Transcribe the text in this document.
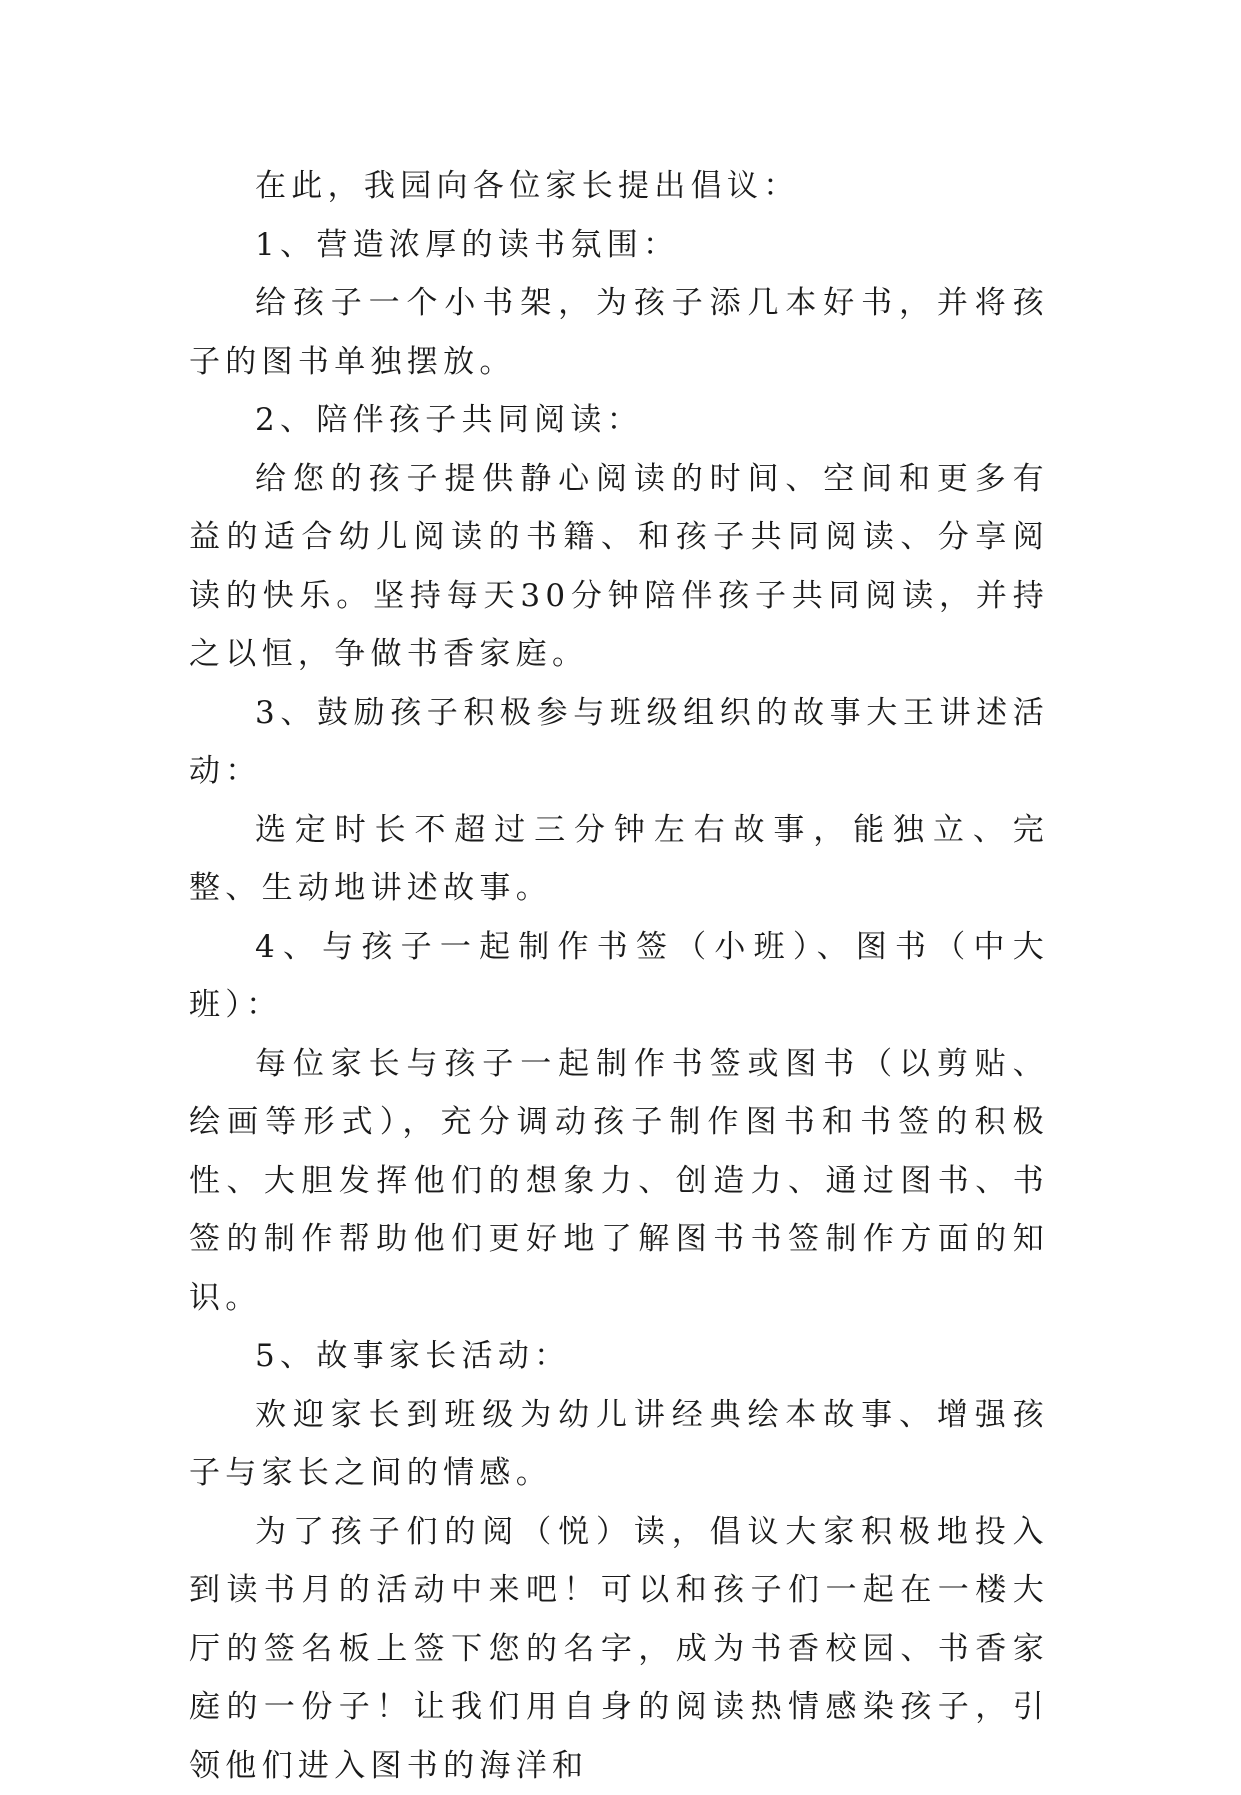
在此，我园向各位家长提出倡议：

1、营造浓厚的读书氛围：

给孩子一个小书架，为孩子添几本好书，并将孩子的图书单独摆放。

2、陪伴孩子共同阅读：

给您的孩子提供静心阅读的时间、空间和更多有益的适合幼儿阅读的书籍、和孩子共同阅读、分享阅读的快乐。坚持每天30分钟陪伴孩子共同阅读，并持之以恒，争做书香家庭。

3、鼓励孩子积极参与班级组织的故事大王讲述活动：

选定时长不超过三分钟左右故事，能独立、完整、生动地讲述故事。

4、与孩子一起制作书签（小班）、图书（中大班）：

每位家长与孩子一起制作书签或图书（以剪贴、绘画等形式），充分调动孩子制作图书和书签的积极性、大胆发挥他们的想象力、创造力、通过图书、书签的制作帮助他们更好地了解图书书签制作方面的知识。

5、故事家长活动：

欢迎家长到班级为幼儿讲经典绘本故事、增强孩子与家长之间的情感。

为了孩子们的阅（悦）读，倡议大家积极地投入到读书月的活动中来吧！可以和孩子们一起在一楼大厅的签名板上签下您的名字，成为书香校园、书香家庭的一份子！让我们用自身的阅读热情感染孩子，引领他们进入图书的海洋和
